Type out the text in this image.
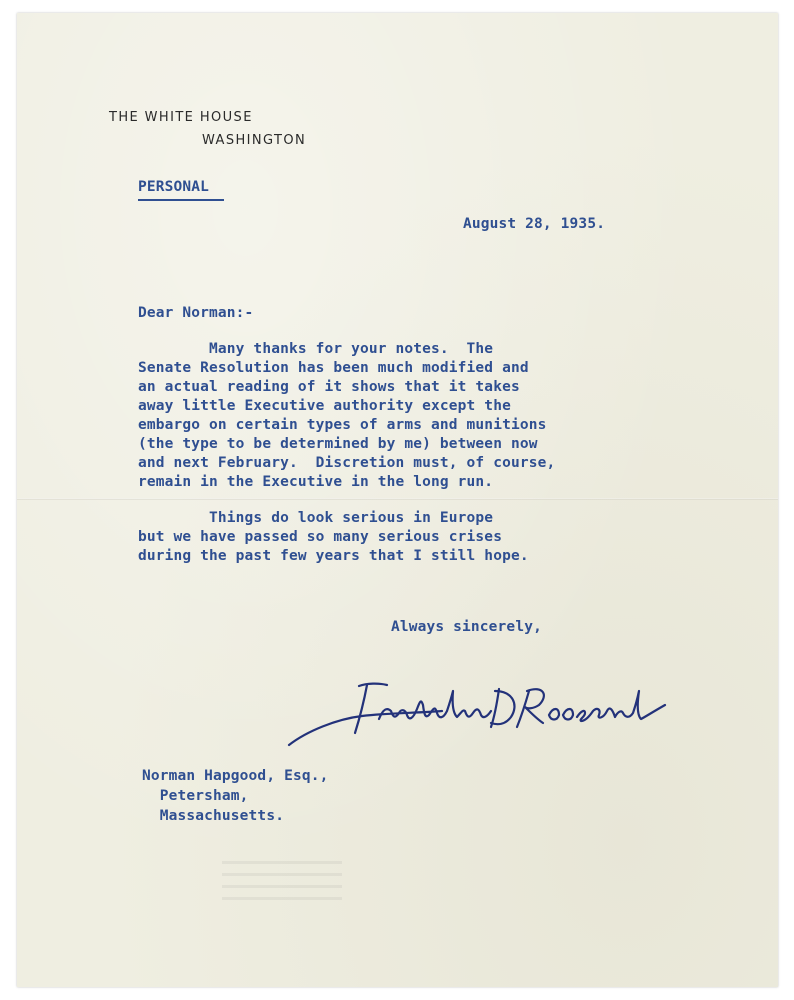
THE WHITE HOUSE
WASHINGTON
PERSONAL
August 28, 1935.
Dear Norman:-
Many thanks for your notes.  The
Senate Resolution has been much modified and
an actual reading of it shows that it takes
away little Executive authority except the
embargo on certain types of arms and munitions
(the type to be determined by me) between now
and next February.  Discretion must, of course,
remain in the Executive in the long run.
Things do look serious in Europe
but we have passed so many serious crises
during the past few years that I still hope.
Always sincerely,
Norman Hapgood, Esq.,
Petersham,
Massachusetts.
